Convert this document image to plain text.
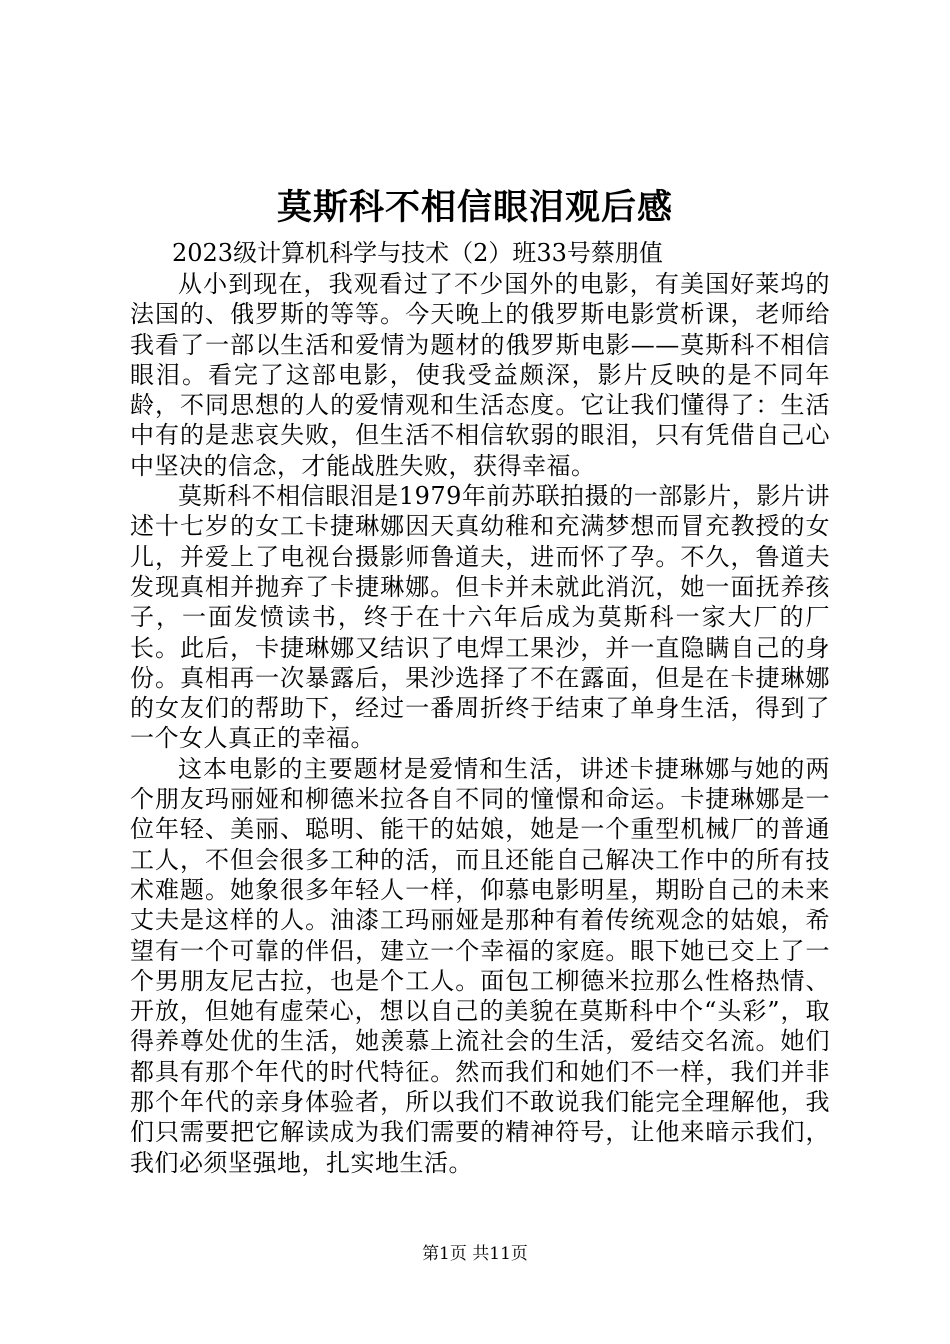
莫斯科不相信眼泪观后感

2023级计算机科学与技术（2）班33号蔡朋值

从小到现在，我观看过了不少国外的电影，有美国好莱坞的法国的、俄罗斯的等等。今天晚上的俄罗斯电影赏析课，老师给我看了一部以生活和爱情为题材的俄罗斯电影——莫斯科不相信眼泪。看完了这部电影，使我受益颇深，影片反映的是不同年龄，不同思想的人的爱情观和生活态度。它让我们懂得了：生活中有的是悲哀失败，但生活不相信软弱的眼泪，只有凭借自己心中坚决的信念，才能战胜失败，获得幸福。

莫斯科不相信眼泪是1979年前苏联拍摄的一部影片，影片讲述十七岁的女工卡捷琳娜因天真幼稚和充满梦想而冒充教授的女儿，并爱上了电视台摄影师鲁道夫，进而怀了孕。不久，鲁道夫发现真相并抛弃了卡捷琳娜。但卡并未就此消沉，她一面抚养孩子，一面发愤读书，终于在十六年后成为莫斯科一家大厂的厂长。此后，卡捷琳娜又结识了电焊工果沙，并一直隐瞒自己的身份。真相再一次暴露后，果沙选择了不在露面，但是在卡捷琳娜的女友们的帮助下，经过一番周折终于结束了单身生活，得到了一个女人真正的幸福。

这本电影的主要题材是爱情和生活，讲述卡捷琳娜与她的两个朋友玛丽娅和柳德米拉各自不同的憧憬和命运。卡捷琳娜是一位年轻、美丽、聪明、能干的姑娘，她是一个重型机械厂的普通工人，不但会很多工种的活，而且还能自己解决工作中的所有技术难题。她象很多年轻人一样，仰慕电影明星，期盼自己的未来丈夫是这样的人。油漆工玛丽娅是那种有着传统观念的姑娘，希望有一个可靠的伴侣，建立一个幸福的家庭。眼下她已交上了一个男朋友尼古拉，也是个工人。面包工柳德米拉那么性格热情、开放，但她有虚荣心，想以自己的美貌在莫斯科中个“头彩”，取得养尊处优的生活，她羡慕上流社会的生活，爱结交名流。她们都具有那个年代的时代特征。然而我们和她们不一样，我们并非那个年代的亲身体验者，所以我们不敢说我们能完全理解他，我们只需要把它解读成为我们需要的精神符号，让他来暗示我们，我们必须坚强地，扎实地生活。

第1页 共11页
